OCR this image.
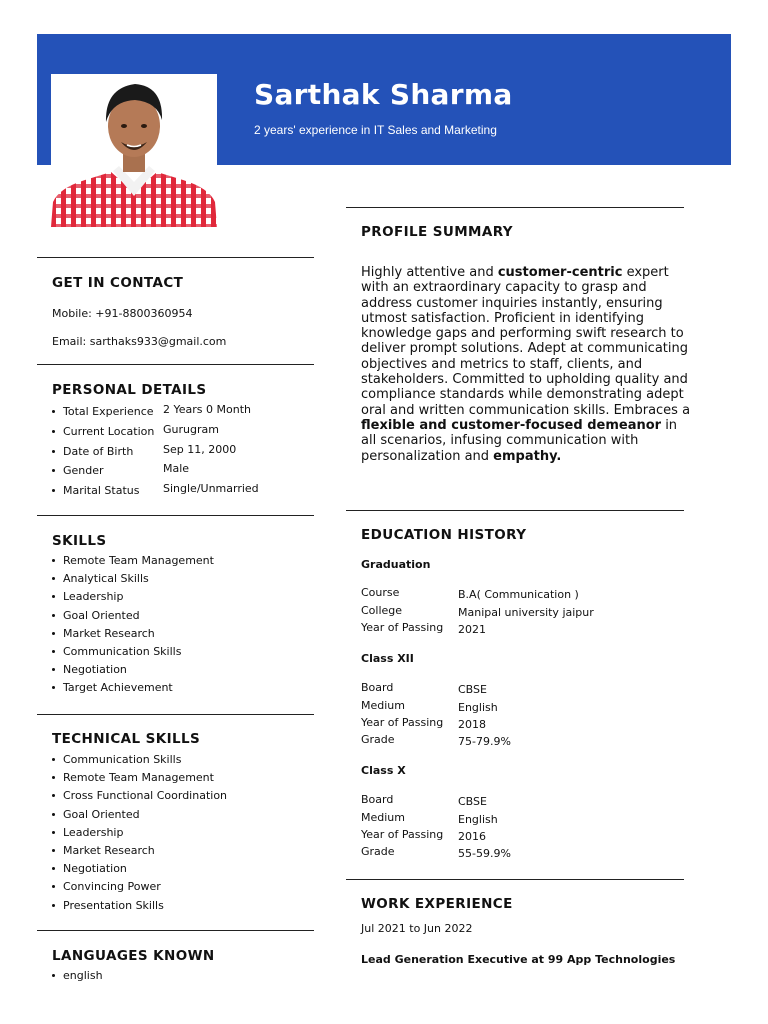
Sarthak Sharma
2 years' experience in IT Sales and Marketing
GET IN CONTACT
Mobile: +91-8800360954
Email: sarthaks933@gmail.com
PERSONAL DETAILS
Total Experience 2 Years 0 Month
Current Location Gurugram
Date of Birth	Sep 11, 2000
Gender	Male
Marital Status Single/Unmarried
SKILLS
Remote Team Management
Analytical Skills
Leadership
Goal Oriented
Market Research
Communication Skills
Negotiation
Target Achievement
TECHNICAL SKILLS
Communication Skills
Remote Team Management
Cross Functional Coordination
Goal Oriented
Leadership
Market Research
Negotiation
Convincing Power
Presentation Skills
LANGUAGES KNOWN
english
PROFILE SUMMARY
Highly attentive and customer-centric expert with an extraordinary capacity to grasp and address customer inquiries instantly, ensuring utmost satisfaction. Proficient in identifying knowledge gaps and performing swift research to deliver prompt solutions. Adept at communicating objectives and metrics to staff, clients, and stakeholders. Committed to upholding quality and compliance standards while demonstrating adept oral and written communication skills. Embraces a flexible and customer-focused demeanor in all scenarios, infusing communication with personalization and empathy.
EDUCATION HISTORY
Graduation
Course	B.A( Communication )
College	Manipal university jaipur
Year of Passing 2021
Class XII
Board	CBSE
Medium	English
Year of Passing 2018
Grade	75-79.9%
Class X
Board	CBSE
Medium	English
Year of Passing 2016
Grade	55-59.9%
WORK EXPERIENCE
Jul 2021 to Jun 2022
Lead Generation Executive at 99 App Technologies
